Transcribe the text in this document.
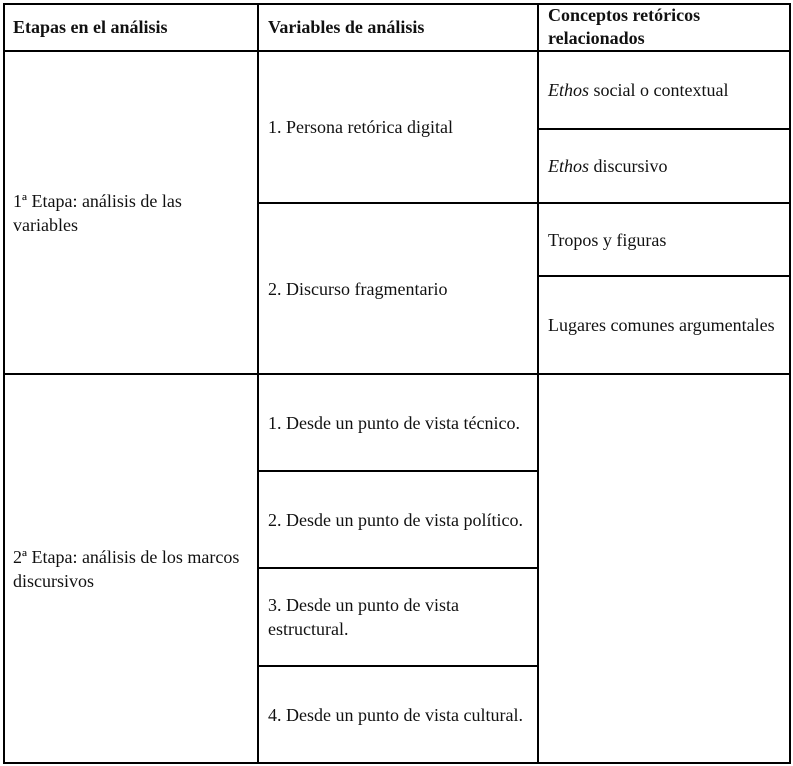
Etapas en el análisis	Variables de análisis
Conceptos retóricos relacionados
1ª Etapa: análisis de las variables
1. Persona retórica digital
2. Discurso fragmentario
Ethos social o contextual
Ethos discursivo
Tropos y figuras
Lugares comunes argumentales
2ª Etapa: análisis de los marcos discursivos
1. Desde un punto de vista técnico.
2. Desde un punto de vista político.
3. Desde un punto de vista estructural.
4. Desde un punto de vista cultural.
